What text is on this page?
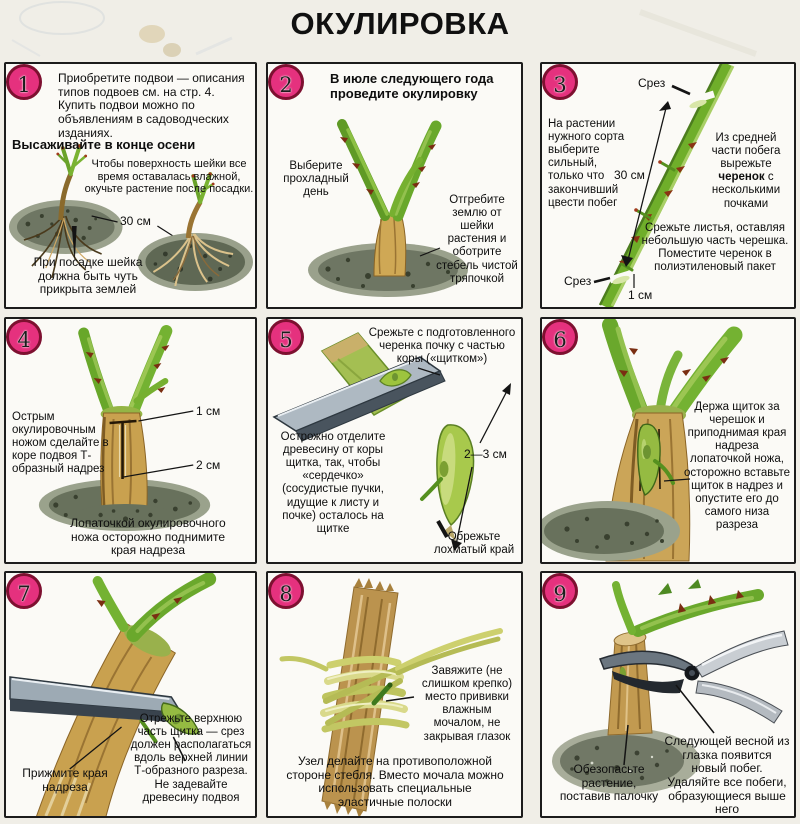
ОКУЛИРОВКА
1	Приобретите подвои — описания типов подвоев см. на стр. 4. Купить подвои можно по объявлениям в садоводческих изданиях.
Высаживайте в конце осени
Чтобы поверхность шейки все время оставалась влажной, окучьте растение после посадки.
30 см
При посадке шейка должна быть чуть прикрыта землей
2	В июле следующего года проведите окулировку
Выберите прохладный день
Отгребите землю от шейки растения и оботрите стебель чистой тряпочкой
3	Срез
На растении нужного сорта выберите сильный, только что закончивший цвести побег
Из средней части побега вырежьте черенок с несколькими почками
30 см
Срежьте листья, оставляя небольшую часть черешка. Поместите черенок в полиэтиленовый пакет
Срез
1 см
4
Острым окулировочным ножом сделайте в коре подвоя Т-образный надрез
1 см
2 см
Лопаточкой окулировочного ножа осторожно поднимите края надреза
5	Срежьте с подготовленного черенка почку с частью коры («щитком»)
Острожно отделите древесину от коры щитка, так, чтобы «сердечко» (сосудистые пучки, идущие к листу и почке) осталось на щитке
2—3 см
Обрежьте лохматый край
6
Держа щиток за черешок и приподнимая края надреза лопаточкой ножа, осторожно вставьте щиток в надрез и опустите его до самого низа разреза
7
Прижмите края надреза
Отрежьте верхнюю часть щитка — срез должен располагаться вдоль верхней линии Т-образного разреза. Не задевайте древесину подвоя
8
Завяжите (не слишком крепко) место прививки влажным мочалом, не закрывая глазок
Узел делайте на противоположной стороне стебля. Вместо мочала можно использовать специальные эластичные полоски
9
Обезопасьте растение, поставив палочку
Следующей весной из глазка появится новый побег. Удаляйте все побеги, образующиеся выше него
